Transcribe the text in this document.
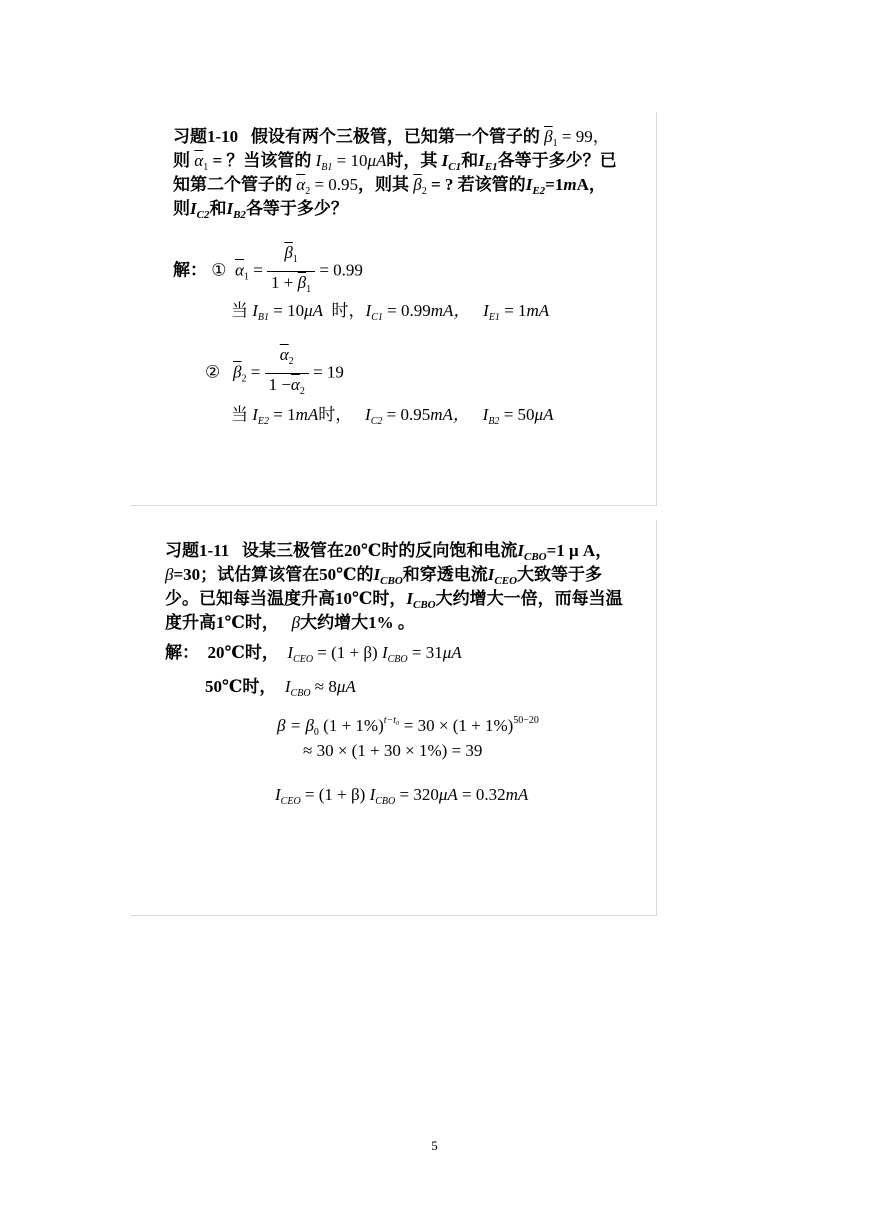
习题1-10 假设有两个三极管，已知第一个管子的 $\overline{\beta}_1 = 99$，
则 $\overline{\alpha}_1$ = ？当该管的 $I_{B1} = 10\mu A$时，其 $I_{C1}$和$I_{E1}$各等于多少？已
知第二个管子的 $\overline{\alpha}_2 = 0.95$，则其 $\overline{\beta}_2$ = ? 若该管的$I_{E2}=1mA$，
则$I_{C2}$和$I_{B2}$各等于多少？
解： ① $\overline{\alpha}_1 = \frac{\overline{\beta}_1}{1 + \overline{\beta}_1} = 0.99$
当 $I_{B1} = 10\mu A$ 时，$I_{C1} = 0.99mA$， $I_{E1} = 1mA$
② $\overline{\beta}_2 = \frac{\overline{\alpha}_2}{1 -\overline{\alpha}_2} = 19$
当 $I_{E2} = 1mA$时， $I_{C2} = 0.95mA$， $I_{B2} = 50\mu A$
习题1-11 设某三极管在20℃时的反向饱和电流$I_{CBO}=1$ μ A，
β=30；试估算该管在50℃的$I_{CBO}$和穿透电流$I_{CEO}$大致等于多
少。已知每当温度升高10℃时，$I_{CBO}$大约增大一倍，而每当温
度升高1℃时， β大约增大1% 。
解： 20℃时， $I_{CEO} = (1 + \beta) I_{CBO} = 31\mu A$
50℃时， $I_{CBO} \approx 8\mu A$
$\beta = \beta_0$ $(1 + 1\%)^{t-t_0} = 30 \times (1 + 1\%)^{50-20}$
≈ 30 × (1 + 30 × 1%) = 39
$I_{CEO} = (1 + \beta) I_{CBO} = 320\mu A = 0.32mA$
5
